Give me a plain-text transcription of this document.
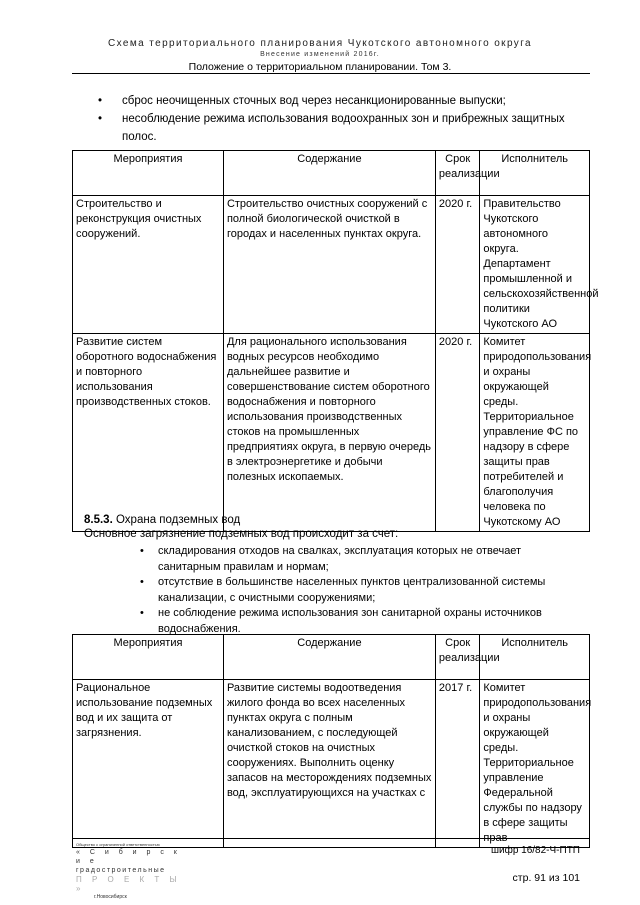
Схема территориального планирования Чукотского автономного округа
Внесение изменений 2016г.
Положение о территориальном планировании. Том 3.
• сброс неочищенных сточных вод через несанкционированные выпуски;
• несоблюдение режима использования водоохранных зон и прибрежных защитных полос.
Мероприятия	Содержание	Срок реализации	Исполнитель
Строительство и реконструкция очистных сооружений.	Строительство очистных сооружений с полной биологической очисткой в городах и населенных пунктах округа.	2020 г.	Правительство Чукотского автономного округа. Департамент промышленной и сельскохозяйственной политики Чукотского АО
Развитие систем оборотного водоснабжения и повторного использования производственных стоков.	Для рационального использования водных ресурсов необходимо дальнейшее развитие и совершенствование систем оборотного водоснабжения и повторного использования производственных стоков на промышленных предприятиях округа, в первую очередь в электроэнергетике и добычи полезных ископаемых.	2020 г.	Комитет природопользования и охраны окружающей среды. Территориальное управление ФС по надзору в сфере защиты прав потребителей и благополучия человека по Чукотскому АО
8.5.3. Охрана подземных вод
Основное загрязнение подземных вод происходит за счет:
• складирования отходов на свалках, эксплуатация которых не отвечает санитарным правилам и нормам;
• отсутствие в большинстве населенных пунктов централизованной системы канализации, с очистными сооружениями;
• не соблюдение режима использования зон санитарной охраны источников водоснабжения.
Мероприятия	Содержание	Срок реализации	Исполнитель
Рациональное использование подземных вод и их защита от загрязнения.	Развитие системы водоотведения жилого фонда во всех населенных пунктах округа с полным канализованием, с последующей очисткой стоков на очистных сооружениях. Выполнить оценку запасов на месторождениях подземных вод, эксплуатирующихся на участках с	2017 г.	Комитет природопользования и охраны окружающей среды. Территориальное управление Федеральной службы по надзору в сфере защиты прав
Общество с ограниченной ответственностью
« С и б и р с к и е
градостроительные
П Р О Е К Т Ы »
г.Новосибирск
шифр 16/82-Ч-ПТП
стр. 91 из 101
